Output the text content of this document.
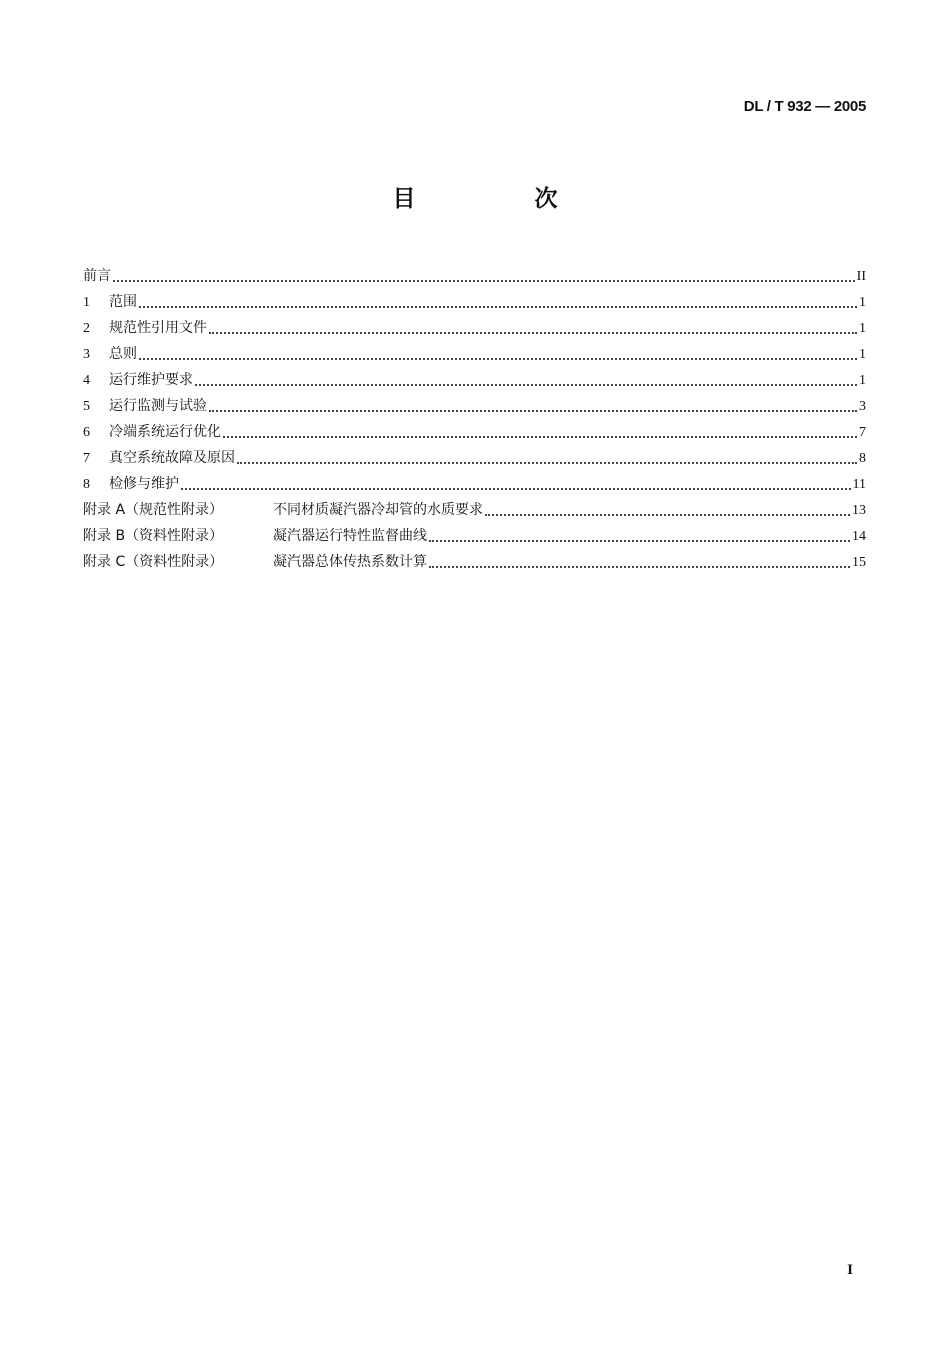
DL / T 932 — 2005
目　次
前言	II
1	范围	1
2	规范性引用文件	1
3	总则	1
4	运行维护要求	1
5	运行监测与试验	3
6	冷端系统运行优化	7
7	真空系统故障及原因	8
8	检修与维护	11
附录 A（规范性附录）	不同材质凝汽器冷却管的水质要求	13
附录 B（资料性附录）	凝汽器运行特性监督曲线	14
附录 C（资料性附录）	凝汽器总体传热系数计算	15
I
